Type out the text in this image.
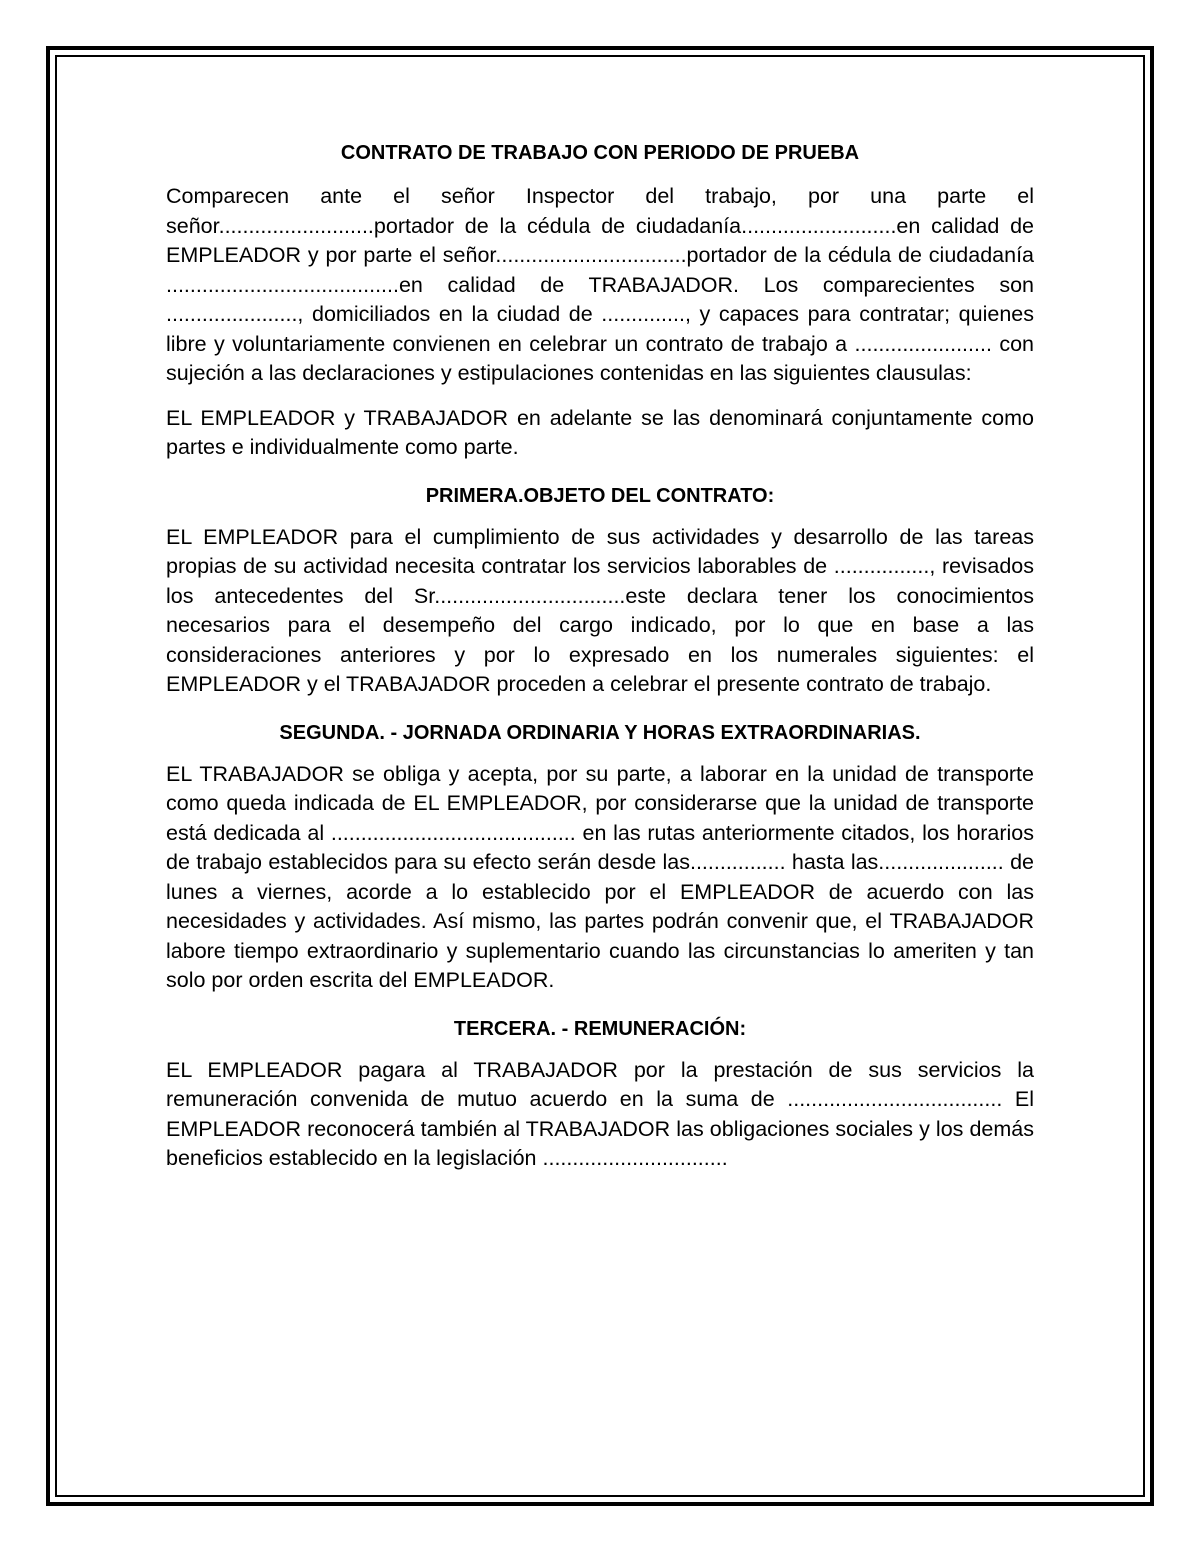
CONTRATO DE TRABAJO CON PERIODO DE PRUEBA

Comparecen ante el señor Inspector del trabajo, por una parte el señor..........................portador de la cédula de ciudadanía..........................en calidad de EMPLEADOR y por parte el señor................................portador de la cédula de ciudadanía .......................................en calidad de TRABAJADOR. Los comparecientes son ......................, domiciliados en la ciudad de .............., y capaces para contratar; quienes libre y voluntariamente convienen en celebrar un contrato de trabajo a ....................... con sujeción a las declaraciones y estipulaciones contenidas en las siguientes clausulas:

EL EMPLEADOR y TRABAJADOR en adelante se las denominará conjuntamente como partes e individualmente como parte.

PRIMERA.OBJETO DEL CONTRATO:

EL EMPLEADOR para el cumplimiento de sus actividades y desarrollo de las tareas propias de su actividad necesita contratar los servicios laborables de ................, revisados los antecedentes del Sr................................este declara tener los conocimientos necesarios para el desempeño del cargo indicado, por lo que en base a las consideraciones anteriores y por lo expresado en los numerales siguientes: el EMPLEADOR y el TRABAJADOR proceden a celebrar el presente contrato de trabajo.

SEGUNDA. - JORNADA ORDINARIA Y HORAS EXTRAORDINARIAS.

EL TRABAJADOR se obliga y acepta, por su parte, a laborar en la unidad de transporte como queda indicada de EL EMPLEADOR, por considerarse que la unidad de transporte está dedicada al ......................................... en las rutas anteriormente citados, los horarios de trabajo establecidos para su efecto serán desde las................ hasta las..................... de lunes a viernes, acorde a lo establecido por el EMPLEADOR de acuerdo con las necesidades y actividades. Así mismo, las partes podrán convenir que, el TRABAJADOR labore tiempo extraordinario y suplementario cuando las circunstancias lo ameriten y tan solo por orden escrita del EMPLEADOR.

TERCERA. - REMUNERACIÓN:

EL EMPLEADOR pagara al TRABAJADOR por la prestación de sus servicios la remuneración convenida de mutuo acuerdo en la suma de .................................... El EMPLEADOR reconocerá también al TRABAJADOR las obligaciones sociales y los demás beneficios establecido en la legislación ...............................
